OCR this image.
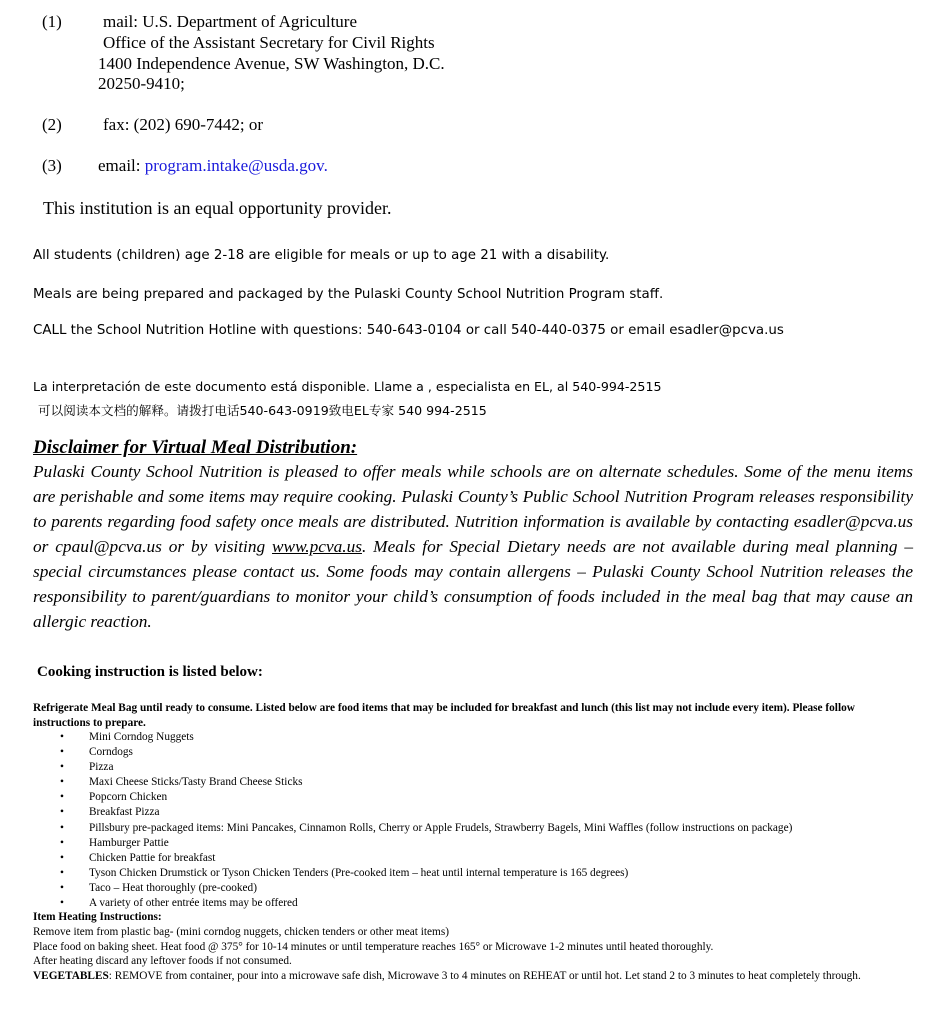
(1) mail: U.S. Department of Agriculture
Office of the Assistant Secretary for Civil Rights
1400 Independence Avenue, SW Washington, D.C.
20250-9410;
(2) fax: (202) 690-7442; or
(3) email: program.intake@usda.gov.
This institution is an equal opportunity provider.
All students (children) age 2-18 are eligible for meals or up to age 21 with a disability.
Meals are being prepared and packaged by the Pulaski County School Nutrition Program staff.
CALL the School Nutrition Hotline with questions: 540-643-0104 or call 540-440-0375 or email esadler@pcva.us
La interpretación de este documento está disponible. Llame a , especialista en EL, al 540-994-2515
可以阅读本文档的解释。请拨打电话540-643-0919致电EL专家 540 994-2515
Disclaimer for Virtual Meal Distribution:
Pulaski County School Nutrition is pleased to offer meals while schools are on alternate schedules. Some of the menu items are perishable and some items may require cooking. Pulaski County’s Public School Nutrition Program releases responsibility to parents regarding food safety once meals are distributed. Nutrition information is available by contacting esadler@pcva.us or cpaul@pcva.us or by visiting www.pcva.us. Meals for Special Dietary needs are not available during meal planning – special circumstances please contact us. Some foods may contain allergens – Pulaski County School Nutrition releases the responsibility to parent/guardians to monitor your child’s consumption of foods included in the meal bag that may cause an allergic reaction.
Cooking instruction is listed below:
Refrigerate Meal Bag until ready to consume. Listed below are food items that may be included for breakfast and lunch (this list may not include every item). Please follow instructions to prepare.
• Mini Corndog Nuggets
• Corndogs
• Pizza
• Maxi Cheese Sticks/Tasty Brand Cheese Sticks
• Popcorn Chicken
• Breakfast Pizza
• Pillsbury pre-packaged items: Mini Pancakes, Cinnamon Rolls, Cherry or Apple Frudels, Strawberry Bagels, Mini Waffles (follow instructions on package)
• Hamburger Pattie
• Chicken Pattie for breakfast
• Tyson Chicken Drumstick or Tyson Chicken Tenders (Pre-cooked item – heat until internal temperature is 165 degrees)
• Taco – Heat thoroughly (pre-cooked)
• A variety of other entrée items may be offered
Item Heating Instructions:
Remove item from plastic bag- (mini corndog nuggets, chicken tenders or other meat items)
Place food on baking sheet. Heat food @ 375° for 10-14 minutes or until temperature reaches 165° or Microwave 1-2 minutes until heated thoroughly.
After heating discard any leftover foods if not consumed.
VEGETABLES: REMOVE from container, pour into a microwave safe dish, Microwave 3 to 4 minutes on REHEAT or until hot. Let stand 2 to 3 minutes to heat completely through.
